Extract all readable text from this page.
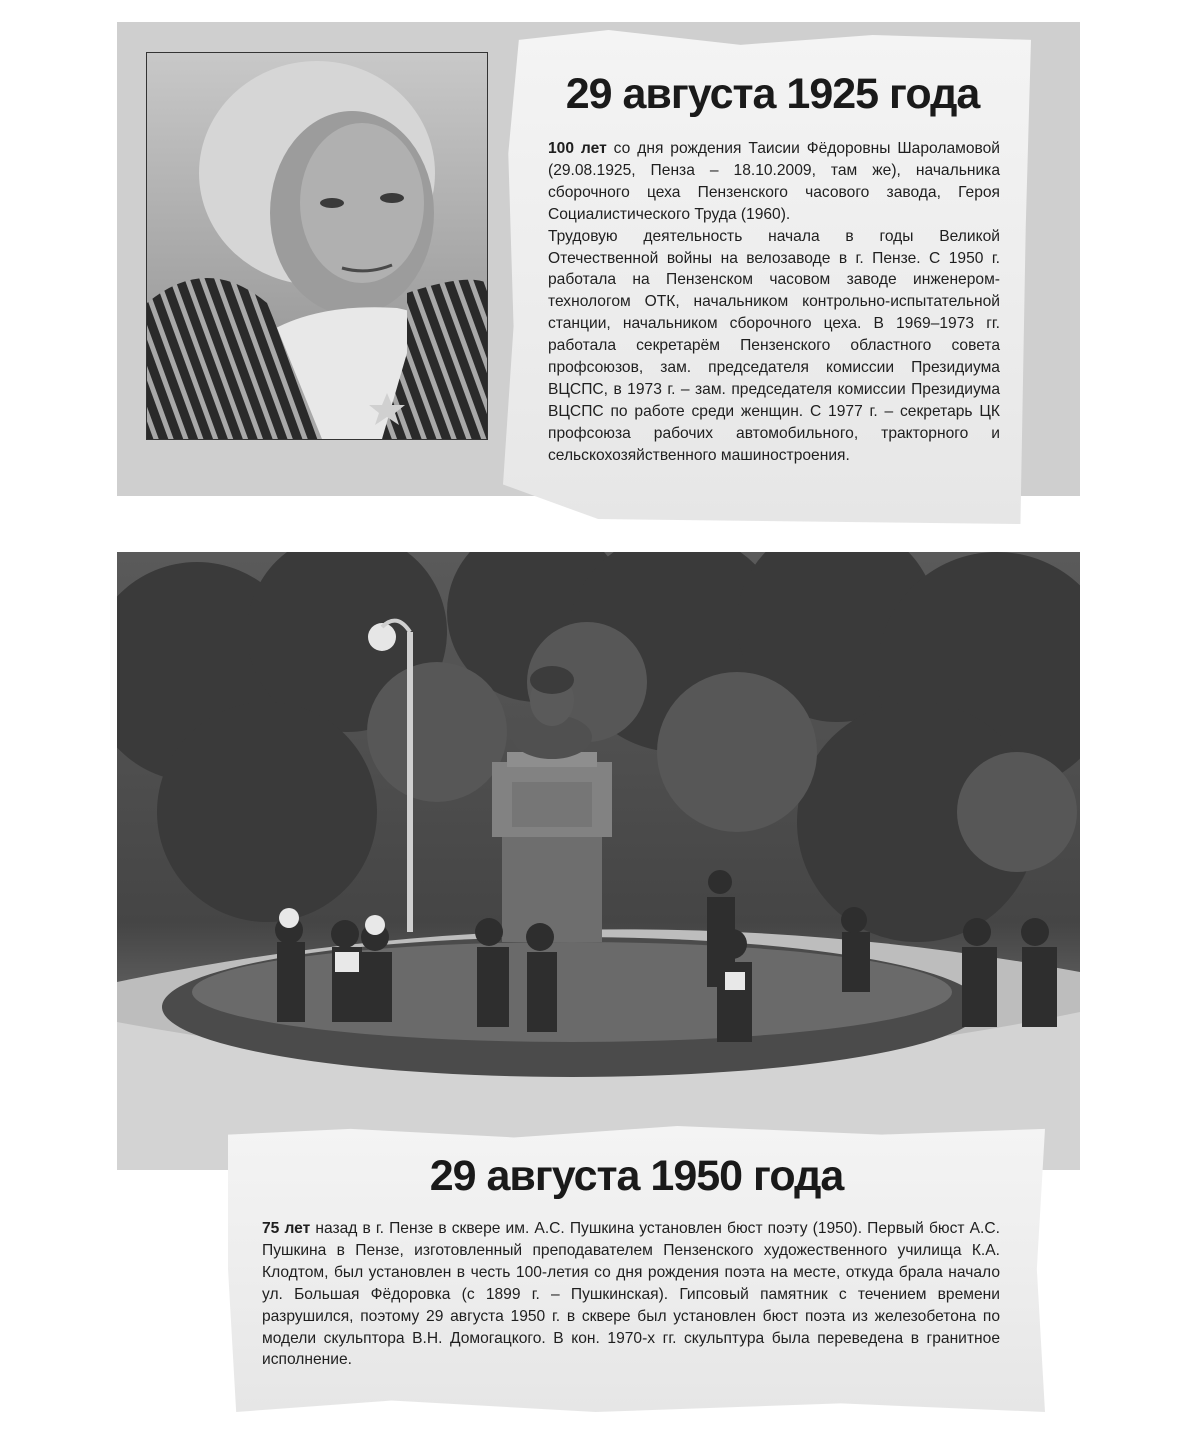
29 августа 1925 года

100 лет со дня рождения Таисии Фёдоровны Шароламовой (29.08.1925, Пенза – 18.10.2009, там же), начальника сборочного цеха Пензенского часового завода, Героя Социалистического Труда (1960).

Трудовую деятельность начала в годы Великой Отечественной войны на велозаводе в г. Пензе. С 1950 г. работала на Пензенском часовом заводе инженером-технологом ОТК, начальником контрольно-испытательной станции, начальником сборочного цеха. В 1969–1973 гг. работала секретарём Пензенского областного совета профсоюзов, зам. председателя комиссии Президиума ВЦСПС, в 1973 г. – зам. председателя комиссии Президиума ВЦСПС по работе среди женщин. С 1977 г. – секретарь ЦК профсоюза рабочих автомобильного, тракторного и сельскохозяйственного машиностроения.

29 августа 1950 года

75 лет назад в г. Пензе в сквере им. А.С. Пушкина установлен бюст поэту (1950). Первый бюст А.С. Пушкина в Пензе, изготовленный преподавателем Пензенского художественного училища К.А. Клодтом, был установлен в честь 100-летия со дня рождения поэта на месте, откуда брала начало ул. Большая Фёдоровка (с 1899 г. – Пушкинская). Гипсовый памятник с течением времени разрушился, поэтому 29 августа 1950 г. в сквере был установлен бюст поэта из железобетона по модели скульптора В.Н. Домогацкого. В кон. 1970-х гг. скульптура была переведена в гранитное исполнение.
